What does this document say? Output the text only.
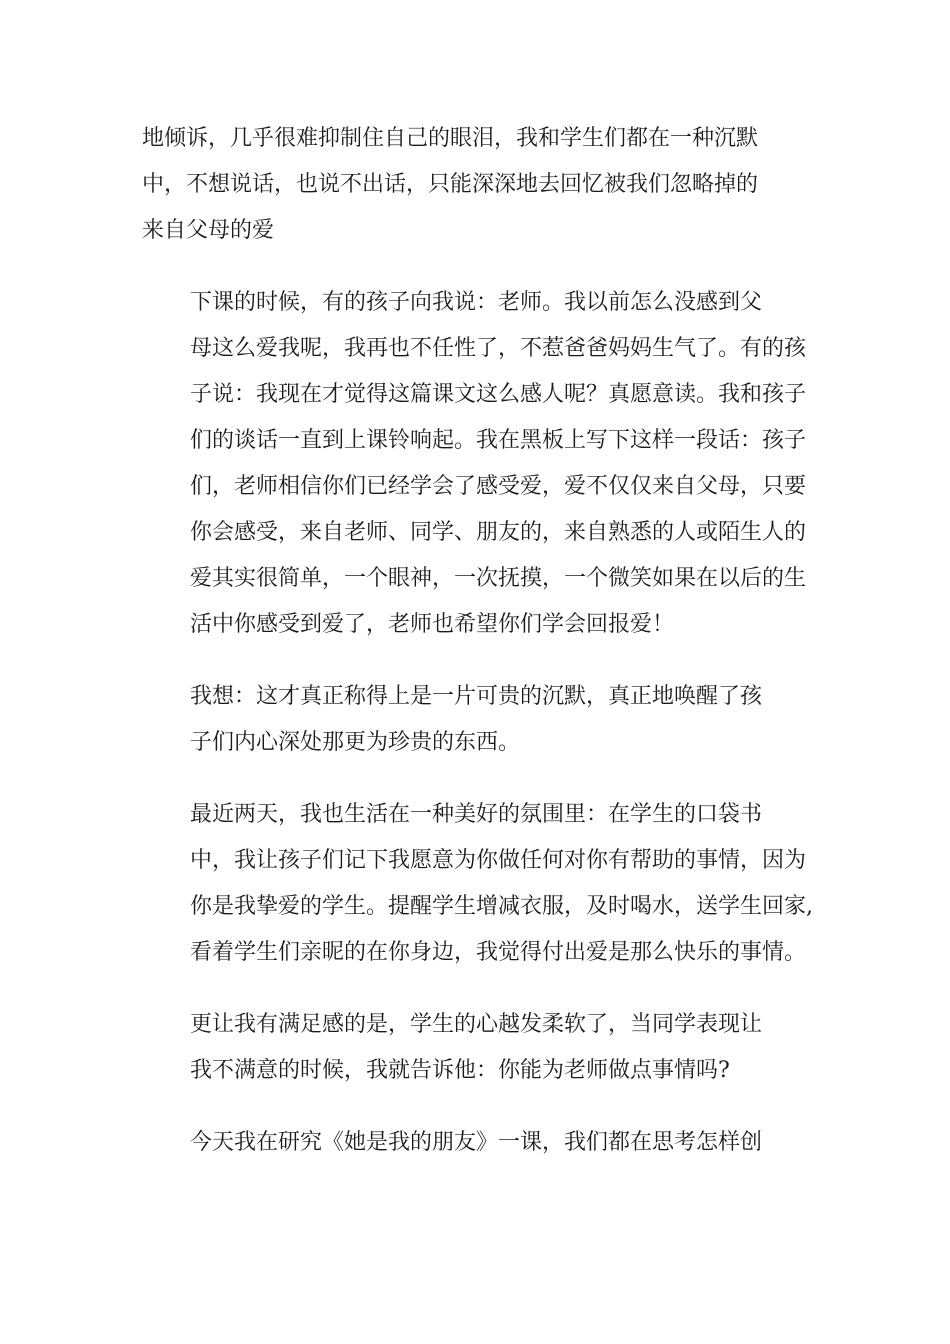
地倾诉，几乎很难抑制住自己的眼泪，我和学生们都在一种沉默
中，不想说话，也说不出话，只能深深地去回忆被我们忽略掉的
来自父母的爱
下课的时候，有的孩子向我说：老师。我以前怎么没感到父
母这么爱我呢，我再也不任性了，不惹爸爸妈妈生气了。有的孩
子说：我现在才觉得这篇课文这么感人呢？真愿意读。我和孩子
们的谈话一直到上课铃响起。我在黑板上写下这样一段话：孩子
们，老师相信你们已经学会了感受爱，爱不仅仅来自父母，只要
你会感受，来自老师、同学、朋友的，来自熟悉的人或陌生人的
爱其实很简单，一个眼神，一次抚摸，一个微笑如果在以后的生
活中你感受到爱了，老师也希望你们学会回报爱！
我想：这才真正称得上是一片可贵的沉默，真正地唤醒了孩
子们内心深处那更为珍贵的东西。
最近两天，我也生活在一种美好的氛围里：在学生的口袋书
中，我让孩子们记下我愿意为你做任何对你有帮助的事情，因为
你是我挚爱的学生。提醒学生增减衣服，及时喝水，送学生回家,
看着学生们亲昵的在你身边，我觉得付出爱是那么快乐的事情。
更让我有满足感的是，学生的心越发柔软了，当同学表现让
我不满意的时候，我就告诉他：你能为老师做点事情吗?
今天我在研究《她是我的朋友》一课，我们都在思考怎样创
